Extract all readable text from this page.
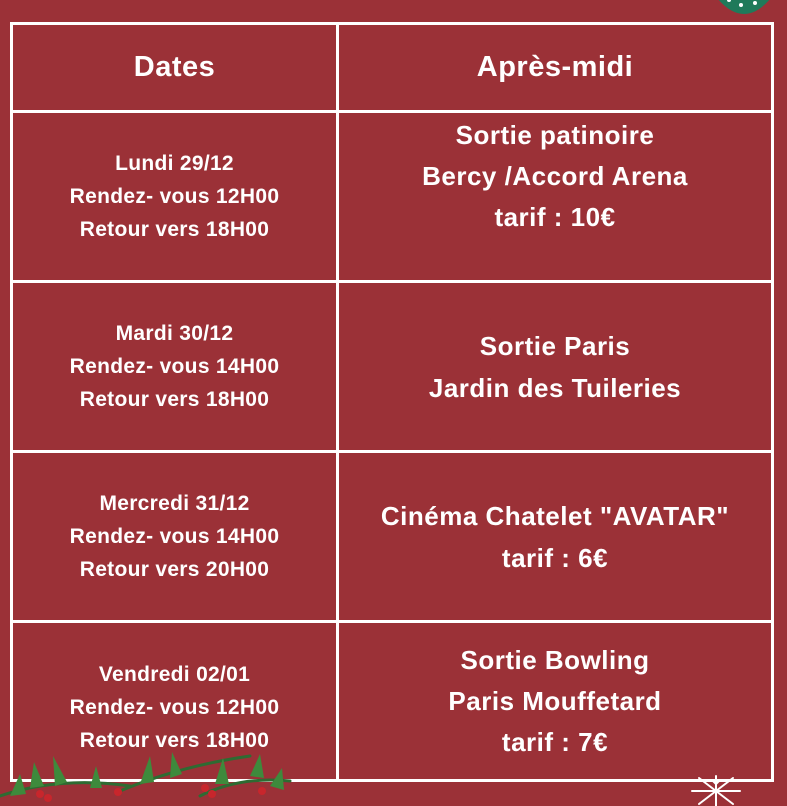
Dates	Après-midi
Lundi 29/12
Rendez- vous 12H00
Retour vers 18H00
Sortie patinoire
Bercy /Accord Arena
tarif : 10€
Mardi 30/12
Rendez- vous 14H00
Retour vers 18H00
Sortie Paris
Jardin des Tuileries
Mercredi 31/12
Rendez- vous 14H00
Retour vers 20H00
Cinéma Chatelet "AVATAR"
tarif : 6€
Vendredi 02/01
Rendez- vous 12H00
Retour vers 18H00
Sortie Bowling
Paris Mouffetard
tarif : 7€
